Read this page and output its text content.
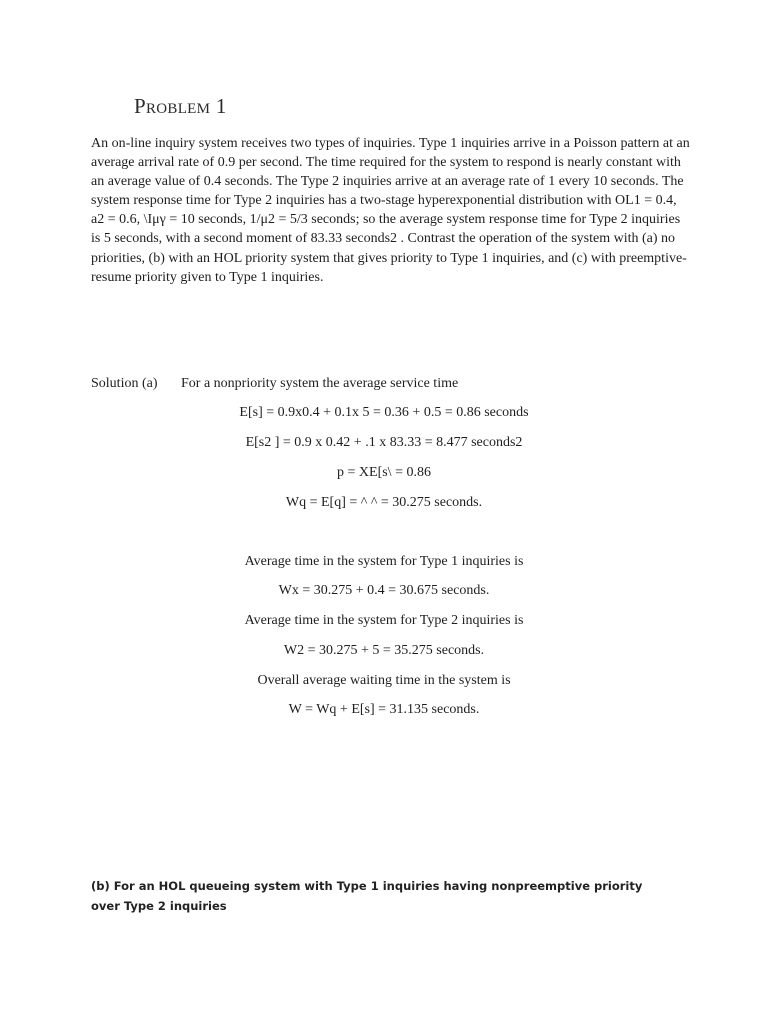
Problem 1

An on-line inquiry system receives two types of inquiries. Type 1 inquiries arrive in a Poisson pattern at an average arrival rate of 0.9 per second. The time required for the system to respond is nearly constant with an average value of 0.4 seconds. The Type 2 inquiries arrive at an average rate of 1 every 10 seconds. The system response time for Type 2 inquiries has a two-stage hyperexponential distribution with OL1 = 0.4, a2 = 0.6, \Iμγ = 10 seconds, 1/μ2 = 5/3 seconds; so the average system response time for Type 2 inquiries is 5 seconds, with a second moment of 83.33 seconds2 . Contrast the operation of the system with (a) no priorities, (b) with an HOL priority system that gives priority to Type 1 inquiries, and (c) with preemptive-resume priority given to Type 1 inquiries.

Solution (a) For a nonpriority system the average service time
E[s] = 0.9x0.4 + 0.1x 5 = 0.36 + 0.5 = 0.86 seconds
E[s2 ] = 0.9 x 0.42 + .1 x 83.33 = 8.477 seconds2
p = XE[s\ = 0.86
Wq = E[q] = ^ ^ = 30.275 seconds.
Average time in the system for Type 1 inquiries is
Wx = 30.275 + 0.4 = 30.675 seconds.
Average time in the system for Type 2 inquiries is
W2 = 30.275 + 5 = 35.275 seconds.
Overall average waiting time in the system is
W = Wq + E[s] = 31.135 seconds.

(b) For an HOL queueing system with Type 1 inquiries having nonpreemptive priority over Type 2 inquiries
